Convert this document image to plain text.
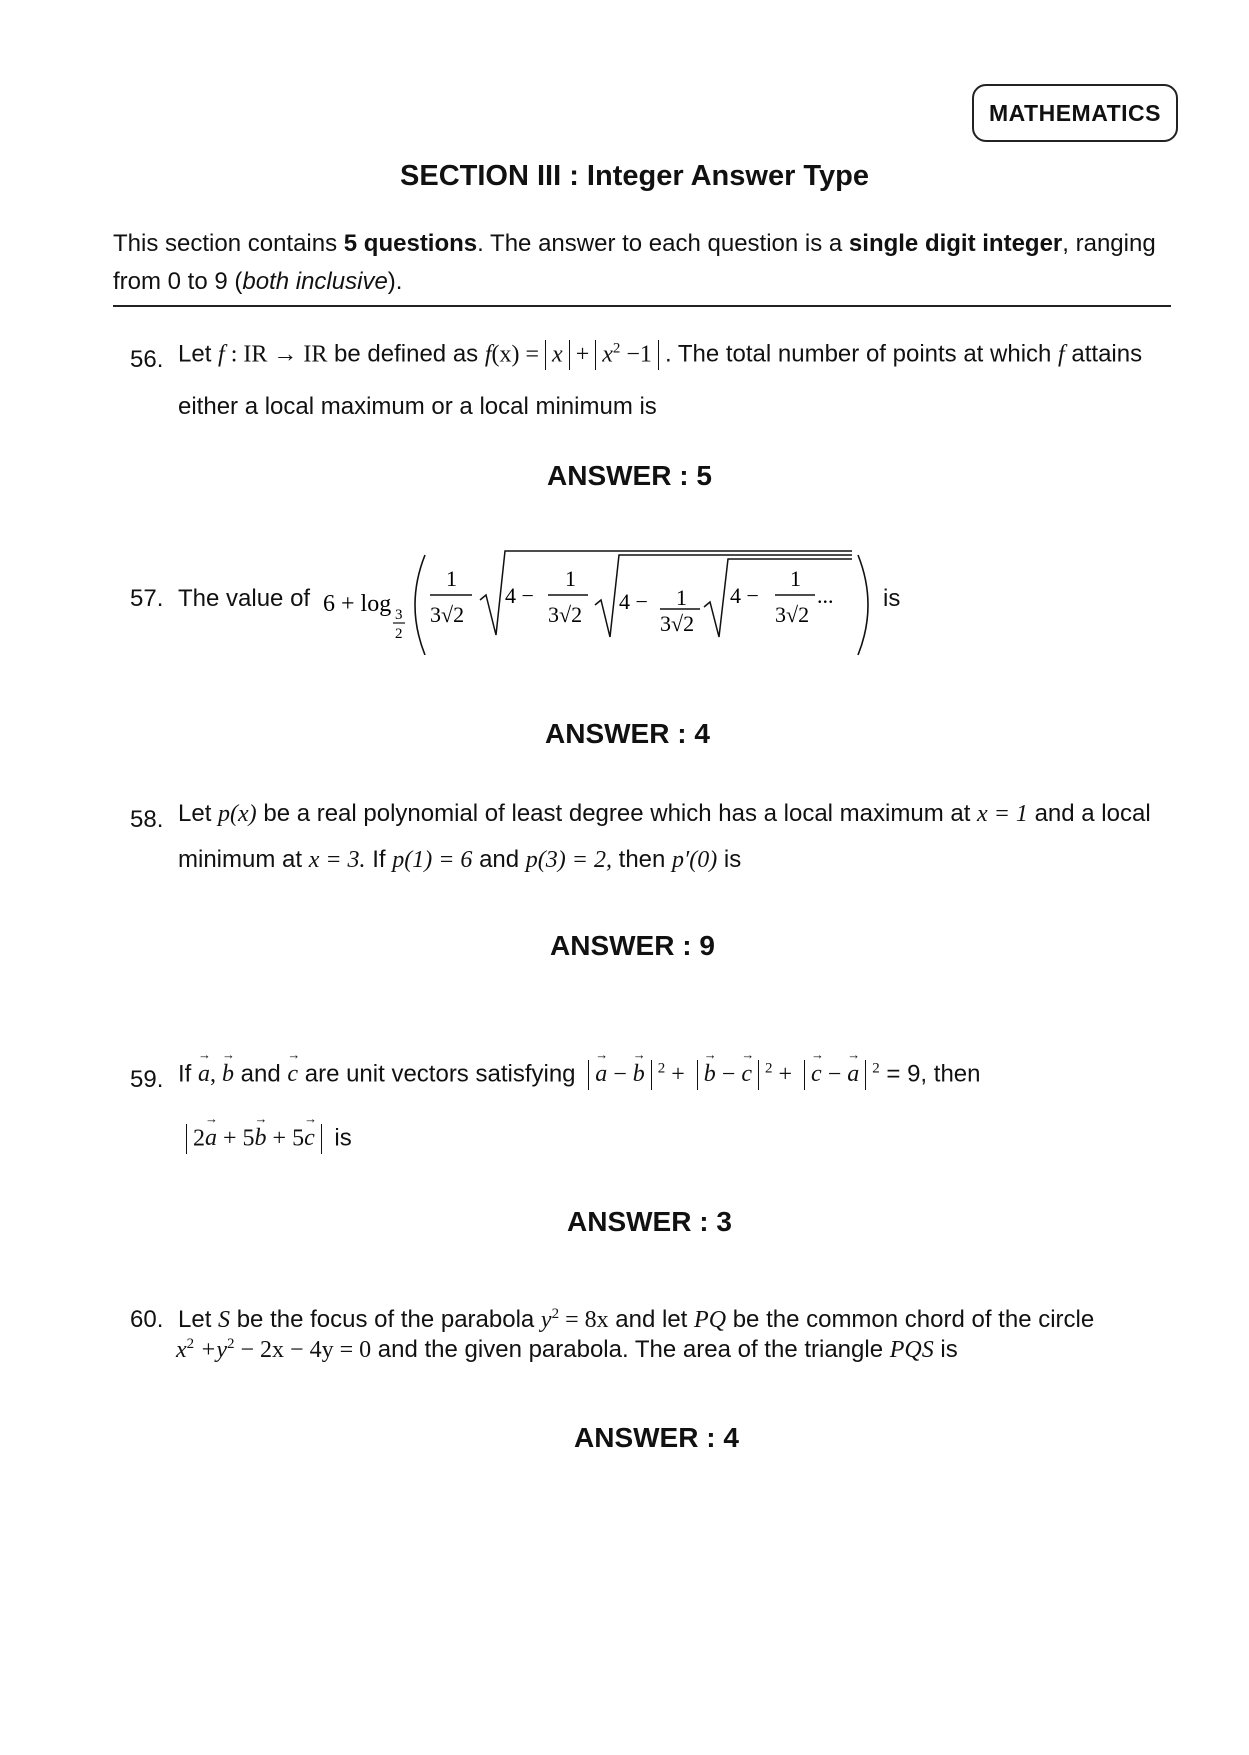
MATHEMATICS
SECTION III : Integer Answer Type
This section contains 5 questions. The answer to each question is a single digit integer, ranging
from 0 to 9 (both inclusive).
56. Let f : IR → IR be defined as $f(x) = x + x^2 -1$ . The total number of points at which f attains
either a local maximum or a local minimum is
ANSWER : 5
57. The value of 6 + log 3
2
1
3√2
4 −
1
3√2
4 − 1
3√2
4 −
1
3√2
... is
ANSWER : 4
58. Let p(x) be a real polynomial of least degree which has a local maximum at x = 1 and a local
minimum at x = 3. If p(1) = 6 and p(3) = 2, then p′(0) is
ANSWER : 9
59. If → a, → b and → c are unit vectors satisfying → a − → b $^2$ + → b − → c $^2$ + → c − → a $^2$ = 9, then
2→ a + 5→ b + 5→ c is
ANSWER : 3
60. Let S be the focus of the parabola $y^2 = 8x$ and let PQ be the common chord of the circle
$x^2 +y^2 - 2x - 4y = 0$ and the given parabola. The area of the triangle PQS is
ANSWER : 4
